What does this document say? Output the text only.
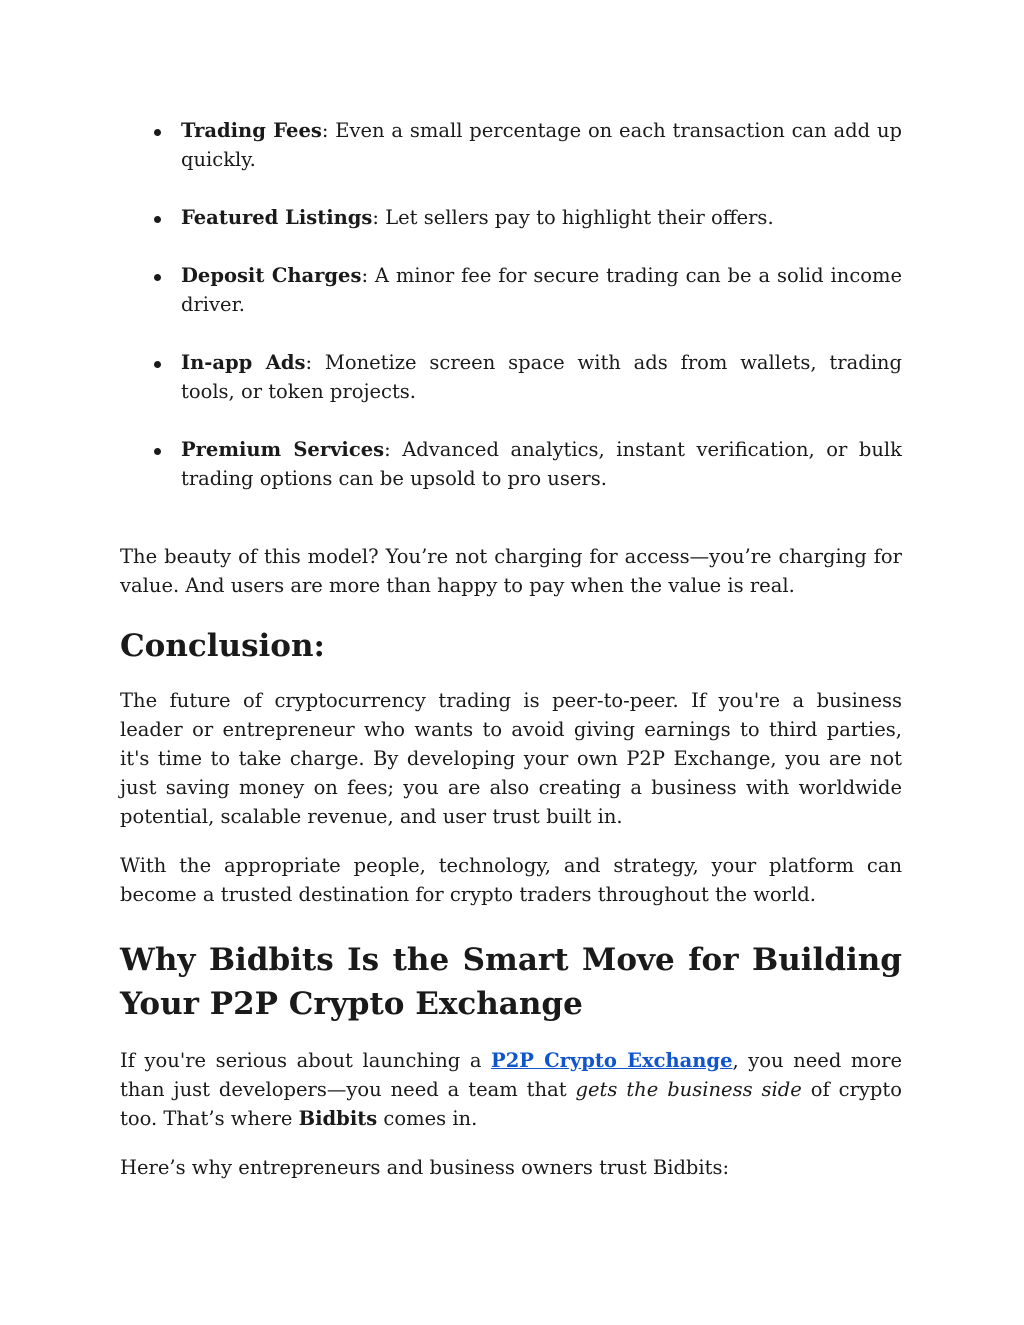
Trading Fees: Even a small percentage on each transaction can add up quickly.
Featured Listings: Let sellers pay to highlight their offers.
Deposit Charges: A minor fee for secure trading can be a solid income driver.
In-app Ads: Monetize screen space with ads from wallets, trading tools, or token projects.
Premium Services: Advanced analytics, instant verification, or bulk trading options can be upsold to pro users.

The beauty of this model? You’re not charging for access—you’re charging for value. And users are more than happy to pay when the value is real.

Conclusion:

The future of cryptocurrency trading is peer-to-peer. If you're a business leader or entrepreneur who wants to avoid giving earnings to third parties, it's time to take charge. By developing your own P2P Exchange, you are not just saving money on fees; you are also creating a business with worldwide potential, scalable revenue, and user trust built in.

With the appropriate people, technology, and strategy, your platform can become a trusted destination for crypto traders throughout the world.

Why Bidbits Is the Smart Move for Building Your P2P Crypto Exchange

If you're serious about launching a P2P Crypto Exchange, you need more than just developers—you need a team that gets the business side of crypto too. That’s where Bidbits comes in.

Here’s why entrepreneurs and business owners trust Bidbits:
